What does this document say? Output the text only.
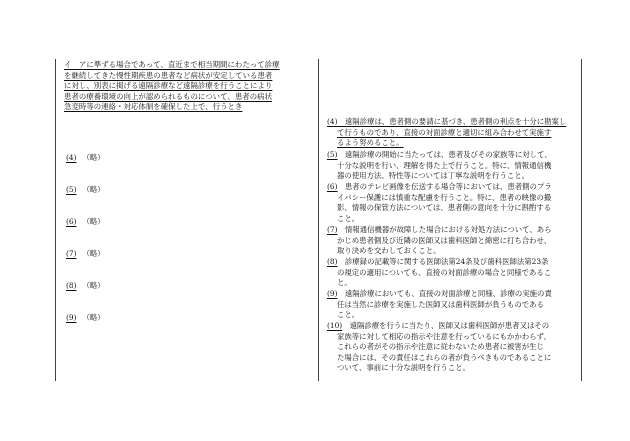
イ　アに準ずる場合であって、直近まで相当期間にわたって診療
を継続してきた慢性期疾患の患者など病状が安定している患者
に対し、別表に掲げる遠隔診療など遠隔診療を行うことにより
患者の療養環境の向上が認められるものについて、患者の病状
急変時等の連絡・対応体制を確保した上で、行うとき
(4) （略）
(5) （略）
(6) （略）
(7) （略）
(8) （略）
(9) （略）
(4)　 遠隔診療は、患者側の要請に基づき、患者側の利点を十分に勘案し
て行うものであり、直接の対面診療と適切に組み合わせて実施す
るよう努めること。
(5)　 遠隔診療の開始に当たっては、患者及びその家族等に対して、
十分な説明を行い、理解を得た上で行うこと。特に、情報通信機
器の使用方法、特性等については丁寧な説明を行うこと。
(6)　 患者のテレビ画像を伝送する場合等においては、患者側のプラ
イバシー保護には慎重な配慮を行うこと。特に、患者の映像の撮
影、情報の保管方法については、患者側の意向を十分に斟酌する
こと。
(7)　 情報通信機器が故障した場合における対処方法について、あら
かじめ患者側及び近隣の医師又は歯科医師と綿密に打ち合わせ、
取り決めを交わしておくこと。
(8)　 診療録の記載等に関する医師法第24条及び歯科医師法第23条
の規定の適用についても、直接の対面診療の場合と同様であるこ
と。
(9)　 遠隔診療においても、直接の対面診療と同様、診療の実施の責
任は当然に診療を実施した医師又は歯科医師が負うものである
こと。
(10)　 遠隔診療を行うに当たり、医師又は歯科医師が患者又はその
家族等に対して相応の指示や注意を行っているにもかかわらず、
これらの者がその指示や注意に従わないため患者に被害が生じ
た場合には、その責任はこれらの者が負うべきものであることに
ついて、事前に十分な説明を行うこと。
